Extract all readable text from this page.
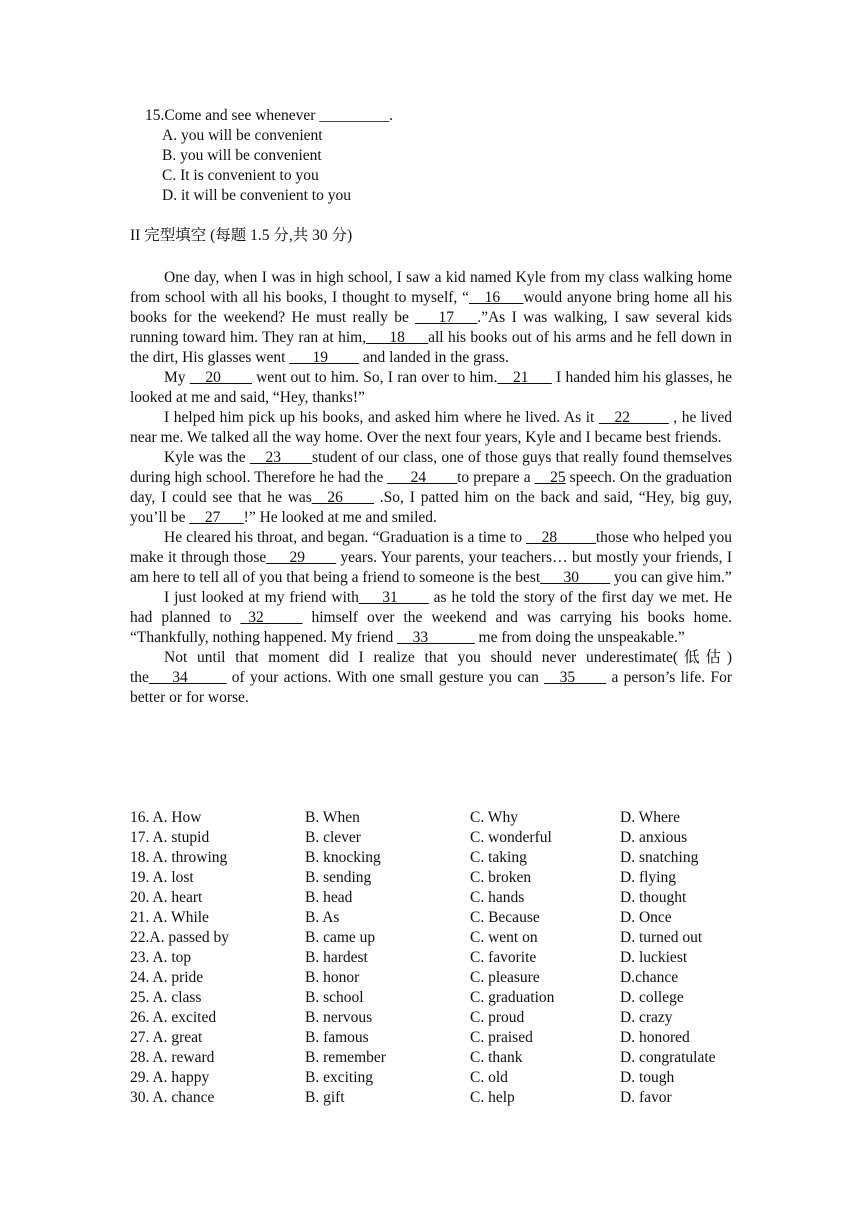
15.Come and see whenever _________.
A. you will be convenient
B. you will be convenient
C. It is convenient to you
D. it will be convenient to you
II 完型填空 (每题 1.5 分,共 30 分)

One day, when I was in high school, I saw a kid named Kyle from my class walking home from school with all his books, I thought to myself, “__16___would anyone bring home all his books for the weekend? He must really be ___17___.”As I was walking, I saw several kids running toward him. They ran at him,___18___all his books out of his arms and he fell down in the dirt, His glasses went ___19____ and landed in the grass.

My __20____ went out to him. So, I ran over to him.__21___ I handed him his glasses, he looked at me and said, “Hey, thanks!”

I helped him pick up his books, and asked him where he lived. As it __22_____ , he lived near me. We talked all the way home. Over the next four years, Kyle and I became best friends.

Kyle was the __23____student of our class, one of those guys that really found themselves during high school. Therefore he had the ___24____to prepare a __25 speech. On the graduation day, I could see that he was__26____ .So, I patted him on the back and said, “Hey, big guy, you’ll be __27___!” He looked at me and smiled.

He cleared his throat, and began. “Graduation is a time to __28_____those who helped you make it through those___29____ years. Your parents, your teachers… but mostly your friends, I am here to tell all of you that being a friend to someone is the best___30____ you can give him.”

I just looked at my friend with___31____ as he told the story of the first day we met. He had planned to _32_____ himself over the weekend and was carrying his books home. “Thankfully, nothing happened. My friend __33______ me from doing the unspeakable.”

Not until that moment did I realize that you should never underestimate(低估) the___34_____ of your actions. With one small gesture you can __35____ a person’s life. For better or for worse.

16. A. How	B. When	C. Why	D. Where
17. A. stupid	B. clever	C. wonderful	D. anxious
18. A. throwing	B. knocking	C. taking	D. snatching
19. A. lost	B. sending	C. broken	D. flying
20. A. heart	B. head	C. hands	D. thought
21. A. While	B. As	C. Because	D. Once
22.A. passed by	B. came up	C. went on	D. turned out
23. A. top	B. hardest	C. favorite	D. luckiest
24. A. pride	B. honor	C. pleasure	D.chance
25. A. class	B. school	C. graduation	D. college
26. A. excited	B. nervous	C. proud	D. crazy
27. A. great	B. famous	C. praised	D. honored
28. A. reward	B. remember	C. thank	D. congratulate
29. A. happy	B. exciting	C. old	D. tough
30. A. chance	B. gift	C. help	D. favor
